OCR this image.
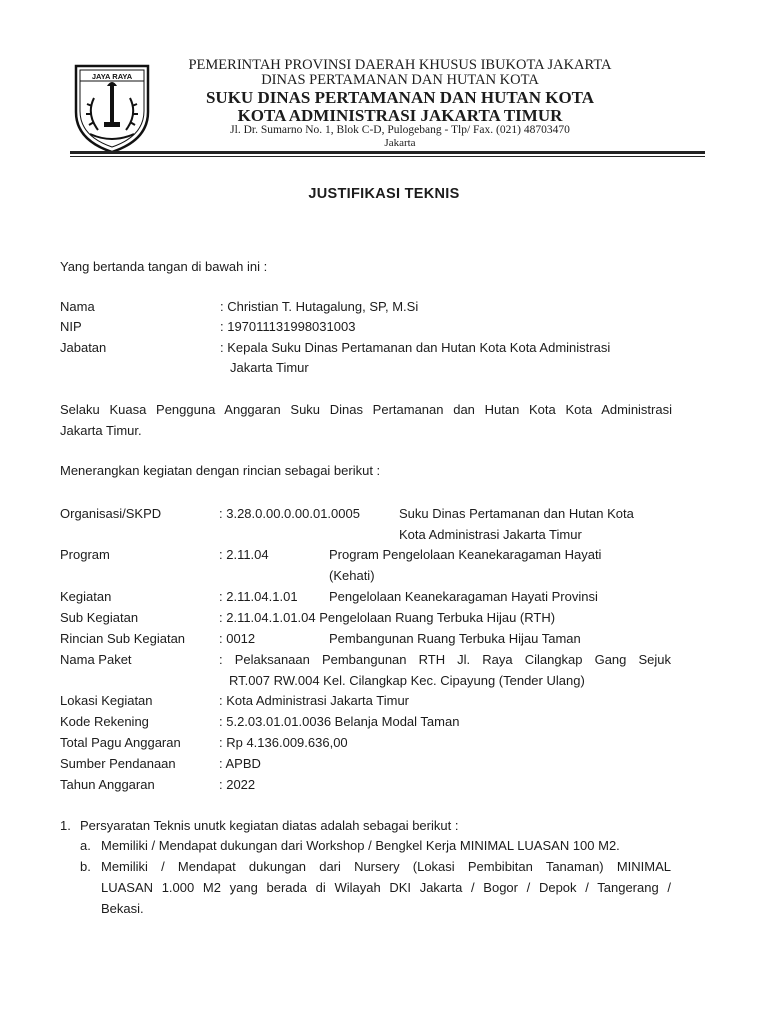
JAYA RAYA
PEMERINTAH PROVINSI DAERAH KHUSUS IBUKOTA JAKARTA
DINAS PERTAMANAN DAN HUTAN KOTA
SUKU DINAS PERTAMANAN DAN HUTAN KOTA
KOTA ADMINISTRASI JAKARTA TIMUR
Jl. Dr. Sumarno No. 1, Blok C-D, Pulogebang - Tlp/ Fax. (021) 48703470
Jakarta
JUSTIFIKASI TEKNIS
Yang bertanda tangan di bawah ini :
Nama	: Christian T. Hutagalung, SP, M.Si
NIP	: 197011131998031003
Jabatan	: Kepala Suku Dinas Pertamanan dan Hutan Kota Kota Administrasi
Jakarta Timur
Selaku Kuasa Pengguna Anggaran Suku Dinas Pertamanan dan Hutan Kota Kota Administrasi
Jakarta Timur.
Menerangkan kegiatan dengan rincian sebagai berikut :
Organisasi/SKPD	: 3.28.0.00.0.00.01.0005	Suku Dinas Pertamanan dan Hutan Kota
Kota Administrasi Jakarta Timur
Program	: 2.11.04	Program Pengelolaan Keanekaragaman Hayati
(Kehati)
Kegiatan	: 2.11.04.1.01 Pengelolaan Keanekaragaman Hayati Provinsi
Sub Kegiatan	: 2.11.04.1.01.04 Pengelolaan Ruang Terbuka Hijau (RTH)
Rincian Sub Kegiatan	: 0012	Pembangunan Ruang Terbuka Hijau Taman
Nama Paket	: Pelaksanaan Pembangunan RTH Jl. Raya Cilangkap Gang Sejuk
RT.007 RW.004 Kel. Cilangkap Kec. Cipayung (Tender Ulang)
Lokasi Kegiatan	: Kota Administrasi Jakarta Timur
Kode Rekening	: 5.2.03.01.01.0036 Belanja Modal Taman
Total Pagu Anggaran	: Rp 4.136.009.636,00
Sumber Pendanaan	: APBD
Tahun Anggaran	: 2022
1. Persyaratan Teknis unutk kegiatan diatas adalah sebagai berikut :
a. Memiliki / Mendapat dukungan dari Workshop / Bengkel Kerja MINIMAL LUASAN 100 M2.
b. Memiliki / Mendapat dukungan dari Nursery (Lokasi Pembibitan Tanaman) MINIMAL
LUASAN 1.000 M2 yang berada di Wilayah DKI Jakarta / Bogor / Depok / Tangerang /
Bekasi.
